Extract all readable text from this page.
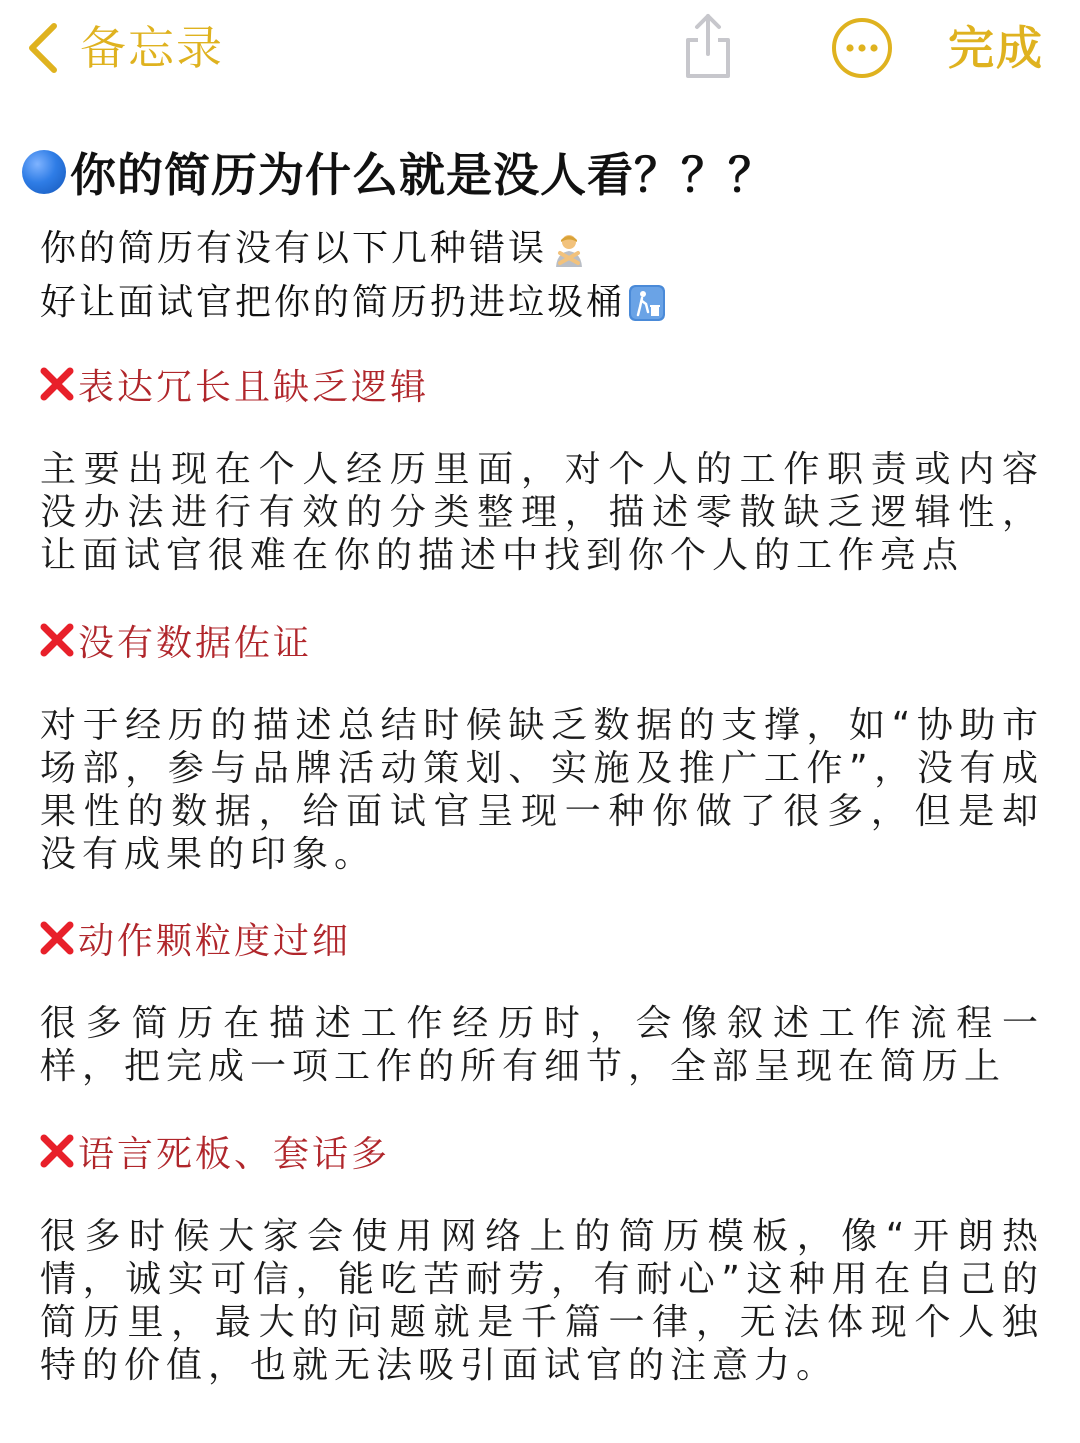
备忘录	完成
你的简历为什么就是没人看？？？
你的简历有没有以下几种错误
好让面试官把你的简历扔进垃圾桶
表达冗长且缺乏逻辑

主要出现在个人经历里面，对个人的工作职责或内容没办法进行有效的分类整理，描述零散缺乏逻辑性，让面试官很难在你的描述中找到你个人的工作亮点

没有数据佐证

对于经历的描述总结时候缺乏数据的支撑，如“协助市场部，参与品牌活动策划、实施及推广工作”，没有成果性的数据，给面试官呈现一种你做了很多，但是却没有成果的印象。

动作颗粒度过细

很多简历在描述工作经历时，会像叙述工作流程一样，把完成一项工作的所有细节，全部呈现在简历上

语言死板、套话多

很多时候大家会使用网络上的简历模板，像“开朗热情，诚实可信，能吃苦耐劳，有耐心”这种用在自己的简历里，最大的问题就是千篇一律，无法体现个人独特的价值，也就无法吸引面试官的注意力。
